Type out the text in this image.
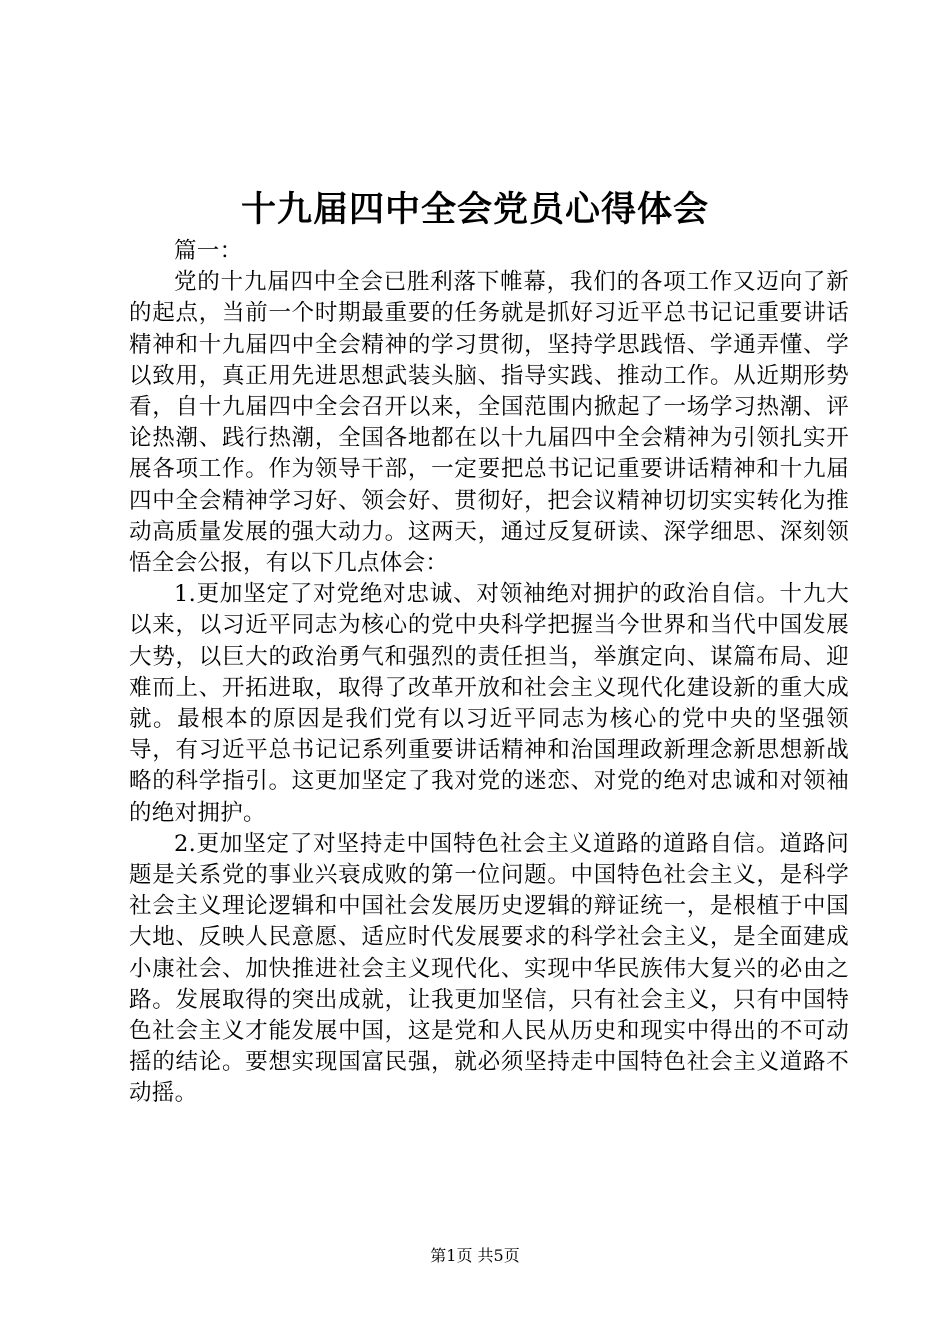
十九届四中全会党员心得体会

篇一：

党的十九届四中全会已胜利落下帷幕，我们的各项工作又迈向了新的起点，当前一个时期最重要的任务就是抓好习近平总书记记重要讲话精神和十九届四中全会精神的学习贯彻，坚持学思践悟、学通弄懂、学以致用，真正用先进思想武装头脑、指导实践、推动工作。从近期形势看，自十九届四中全会召开以来，全国范围内掀起了一场学习热潮、评论热潮、践行热潮，全国各地都在以十九届四中全会精神为引领扎实开展各项工作。作为领导干部，一定要把总书记记重要讲话精神和十九届四中全会精神学习好、领会好、贯彻好，把会议精神切切实实转化为推动高质量发展的强大动力。这两天，通过反复研读、深学细思、深刻领悟全会公报，有以下几点体会：

1.更加坚定了对党绝对忠诚、对领袖绝对拥护的政治自信。十九大以来，以习近平同志为核心的党中央科学把握当今世界和当代中国发展大势，以巨大的政治勇气和强烈的责任担当，举旗定向、谋篇布局、迎难而上、开拓进取，取得了改革开放和社会主义现代化建设新的重大成就。最根本的原因是我们党有以习近平同志为核心的党中央的坚强领导，有习近平总书记记系列重要讲话精神和治国理政新理念新思想新战略的科学指引。这更加坚定了我对党的迷恋、对党的绝对忠诚和对领袖的绝对拥护。

2.更加坚定了对坚持走中国特色社会主义道路的道路自信。道路问题是关系党的事业兴衰成败的第一位问题。中国特色社会主义，是科学社会主义理论逻辑和中国社会发展历史逻辑的辩证统一，是根植于中国大地、反映人民意愿、适应时代发展要求的科学社会主义，是全面建成小康社会、加快推进社会主义现代化、实现中华民族伟大复兴的必由之路。发展取得的突出成就，让我更加坚信，只有社会主义，只有中国特色社会主义才能发展中国，这是党和人民从历史和现实中得出的不可动摇的结论。要想实现国富民强，就必须坚持走中国特色社会主义道路不动摇。

第1页 共5页
